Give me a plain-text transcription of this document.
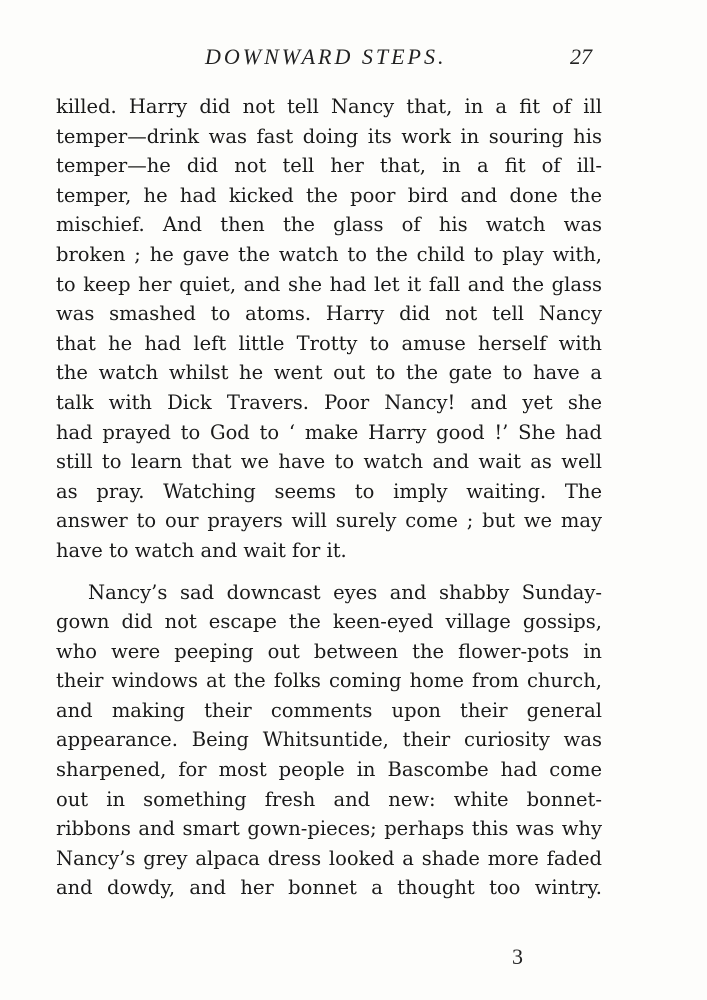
DOWNWARD STEPS.	27
killed. Harry did not tell Nancy that, in a fit of ill
temper—drink was fast doing its work in souring his
temper—he did not tell her that, in a fit of ill-
temper, he had kicked the poor bird and done the
mischief. And then the glass of his watch was
broken ; he gave the watch to the child to play with,
to keep her quiet, and she had let it fall and the glass
was smashed to atoms. Harry did not tell Nancy
that he had left little Trotty to amuse herself with
the watch whilst he went out to the gate to have a
talk with Dick Travers. Poor Nancy! and yet she
had prayed to God to ‘ make Harry good !’ She had
still to learn that we have to watch and wait as well
as pray. Watching seems to imply waiting. The
answer to our prayers will surely come ; but we may
have to watch and wait for it.
Nancy’s sad downcast eyes and shabby Sunday-
gown did not escape the keen-eyed village gossips,
who were peeping out between the flower-pots in
their windows at the folks coming home from church,
and making their comments upon their general
appearance. Being Whitsuntide, their curiosity was
sharpened, for most people in Bascombe had come
out in something fresh and new: white bonnet-
ribbons and smart gown-pieces; perhaps this was why
Nancy’s grey alpaca dress looked a shade more faded
and dowdy, and her bonnet a thought too wintry.
3
